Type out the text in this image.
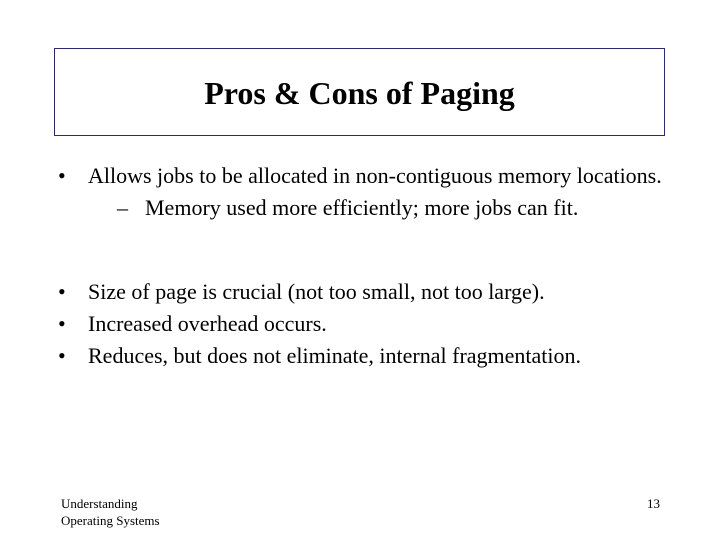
Pros & Cons of Paging
•	Allows jobs to be allocated in non-contiguous memory locations.
– Memory used more efficiently; more jobs can fit.
•	Size of page is crucial (not too small, not too large).
•	Increased overhead occurs.
•	Reduces, but does not eliminate, internal fragmentation.
Understanding
Operating Systems
13
